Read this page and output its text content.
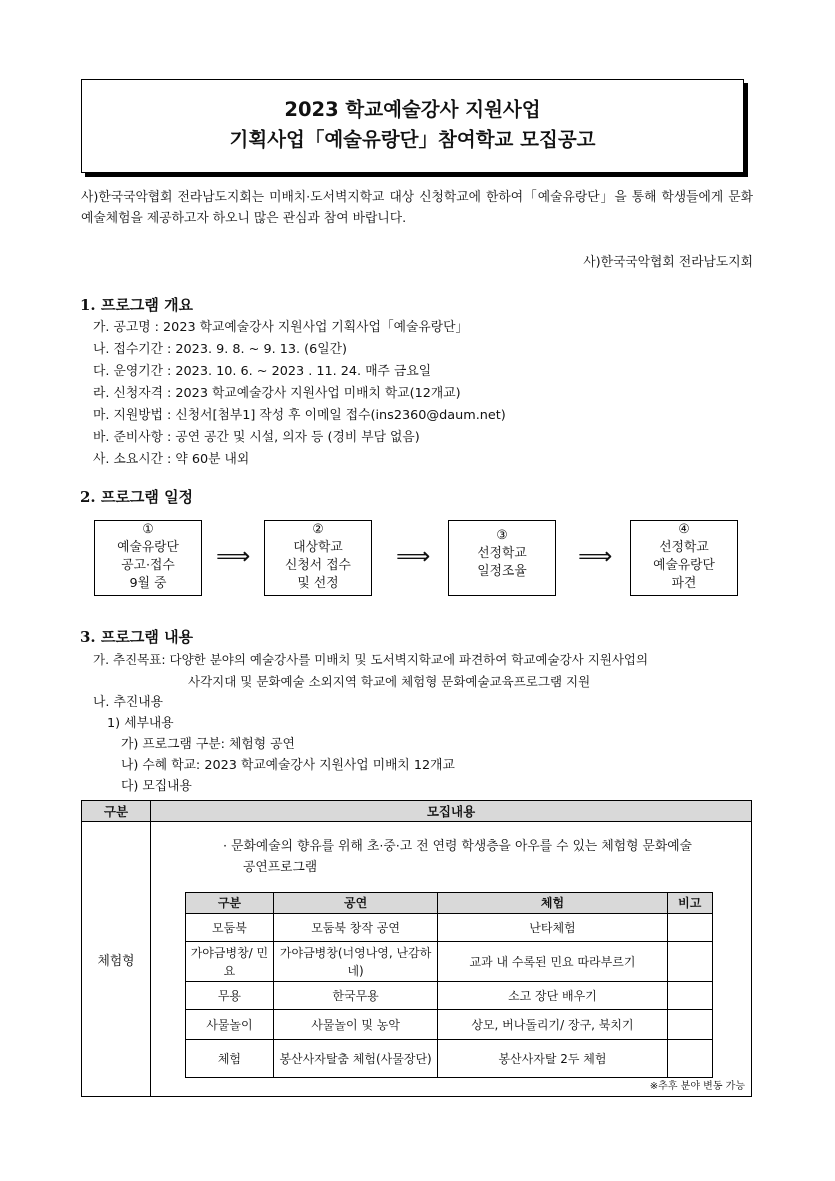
2023 학교예술강사 지원사업
기획사업「예술유랑단」참여학교 모집공고
사)한국국악협회 전라남도지회는 미배치·도서벽지학교 대상 신청학교에 한하여「예술유랑단」을 통해 학생들에게 문화예술체험을 제공하고자 하오니 많은 관심과 참여 바랍니다.
사)한국국악협회 전라남도지회
1. 프로그램 개요
가. 공고명 : 2023 학교예술강사 지원사업 기획사업「예술유랑단」
나. 접수기간 : 2023. 9. 8. ~ 9. 13. (6일간)
다. 운영기간 : 2023. 10. 6. ~ 2023 . 11. 24. 매주 금요일
라. 신청자격 : 2023 학교예술강사 지원사업 미배치 학교(12개교)
마. 지원방법 : 신청서[첨부1] 작성 후 이메일 접수(ins2360@daum.net)
바. 준비사항 : 공연 공간 및 시설, 의자 등 (경비 부담 없음)
사. 소요시간 : 약 60분 내외
2. 프로그램 일정
①
예술유랑단
공고·접수
9월 중
⟹
②
대상학교
신청서 접수
및 선정
⟹
③
선정학교
일정조율
⟹
④
선정학교
예술유랑단
파견
3. 프로그램 내용
가. 추진목표: 다양한 분야의 예술강사를 미배치 및 도서벽지학교에 파견하여 학교예술강사 지원사업의
사각지대 및 문화예술 소외지역 학교에 체험형 문화예술교육프로그램 지원
나. 추진내용
1) 세부내용
가) 프로그램 구분: 체험형 공연
나) 수혜 학교: 2023 학교예술강사 지원사업 미배치 12개교
다) 모집내용
구분	모집내용
체험형	
· 문화예술의 향유를 위해 초·중·고 전 연령 학생층을 아우를 수 있는 체험형 문화예술
공연프로그램
구분	공연	체험	비고
모둠북	모둠북 창작 공연	난타체험	
가야금병창/ 민요	가야금병창(너영나영, 난감하네)	교과 내 수록된 민요 따라부르기	
무용	한국무용	소고 장단 배우기	
사물놀이	사물놀이 및 농악	상모, 버나돌리기/ 장구, 북치기	
체험	봉산사자탈춤 체험(사물장단)	봉산사자탈 2두 체험	
※추후 분야 변동 가능
